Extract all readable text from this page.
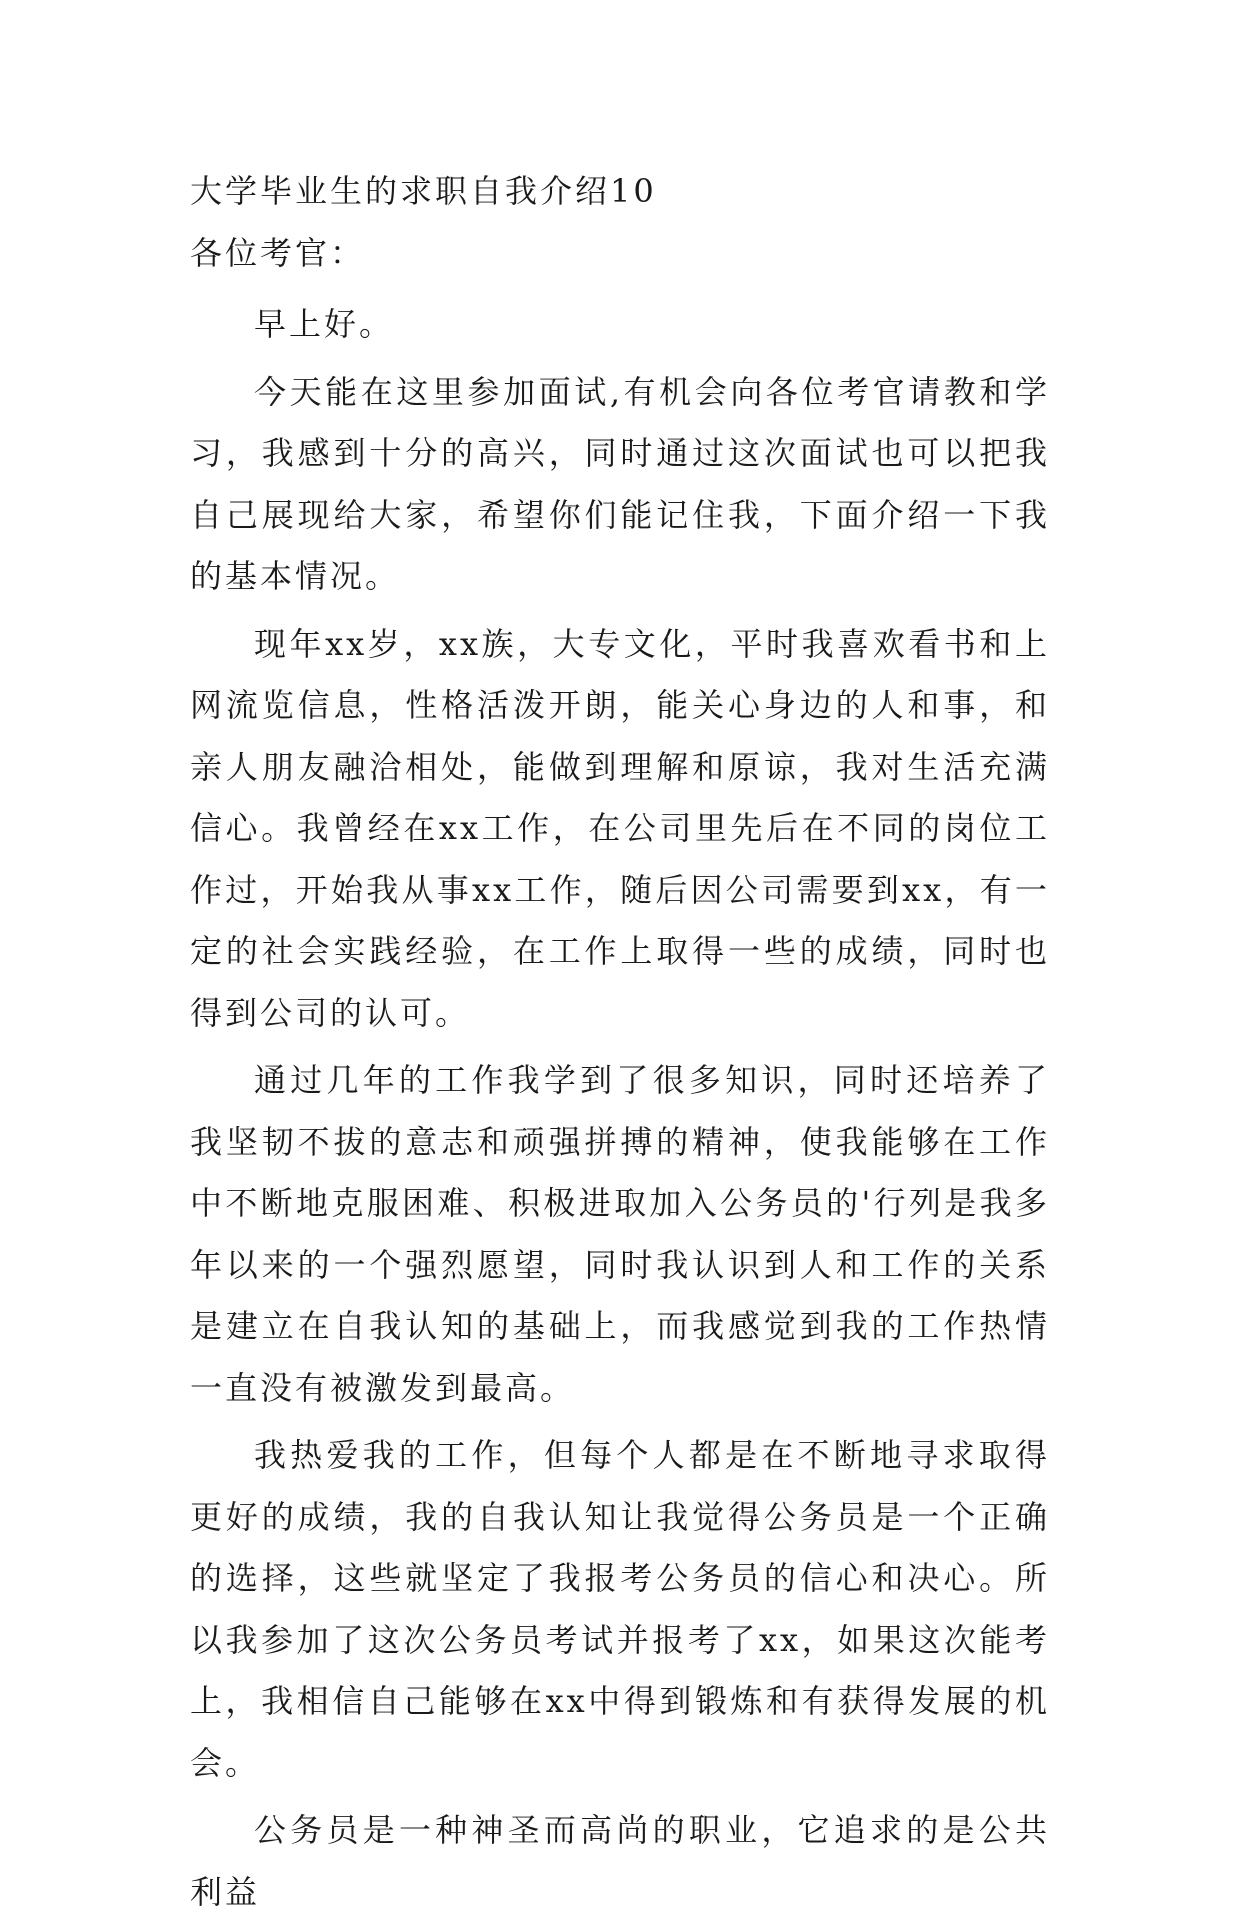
大学毕业生的求职自我介绍10

各位考官：

早上好。

今天能在这里参加面试,有机会向各位考官请教和学习，我感到十分的高兴，同时通过这次面试也可以把我自己展现给大家，希望你们能记住我，下面介绍一下我的基本情况。

现年xx岁，xx族，大专文化，平时我喜欢看书和上网流览信息，性格活泼开朗，能关心身边的人和事，和亲人朋友融洽相处，能做到理解和原谅，我对生活充满信心。我曾经在xx工作，在公司里先后在不同的岗位工作过，开始我从事xx工作，随后因公司需要到xx，有一定的社会实践经验，在工作上取得一些的成绩，同时也得到公司的认可。

通过几年的工作我学到了很多知识，同时还培养了我坚韧不拔的意志和顽强拼搏的精神，使我能够在工作中不断地克服困难、积极进取加入公务员的'行列是我多年以来的一个强烈愿望，同时我认识到人和工作的关系是建立在自我认知的基础上，而我感觉到我的工作热情一直没有被激发到最高。

我热爱我的工作，但每个人都是在不断地寻求取得更好的成绩，我的自我认知让我觉得公务员是一个正确的选择，这些就坚定了我报考公务员的信心和决心。所以我参加了这次公务员考试并报考了xx，如果这次能考上，我相信自己能够在xx中得到锻炼和有获得发展的机会。

公务员是一种神圣而高尚的职业，它追求的是公共利益
